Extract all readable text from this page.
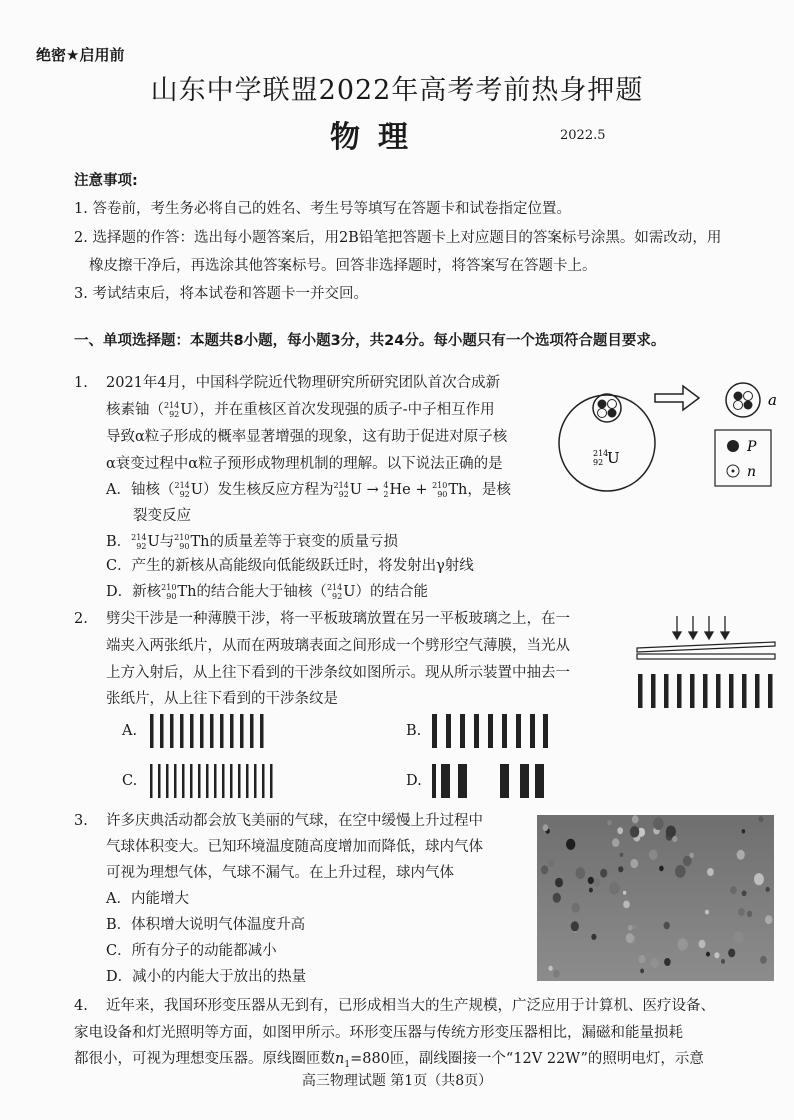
绝密★启用前
山东中学联盟2022年高考考前热身押题
物理	2022.5
注意事项:
1. 答卷前，考生务必将自己的姓名、考生号等填写在答题卡和试卷指定位置。
2. 选择题的作答：选出每小题答案后，用2B铅笔把答题卡上对应题目的答案标号涂黑。如需改动，用
橡皮擦干净后，再选涂其他答案标号。回答非选择题时，将答案写在答题卡上。
3. 考试结束后，将本试卷和答题卡一并交回。
一、单项选择题：本题共8小题，每小题3分，共24分。每小题只有一个选项符合题目要求。
1. 2021年4月，中国科学院近代物理研究所研究团队首次合成新
核素铀（ 214
92 U），并在重核区首次发现强的质子-中子相互作用
导致α粒子形成的概率显著增强的现象，这有助于促进对原子核
α衰变过程中α粒子预形成物理机制的理解。以下说法正确的是
A．铀核（ 214
92 U）发生核反应方程为 214
92 U → 4
2 He + 210
90 Th，是核
裂变反应
B． 214
92 U与 210
90 Th的质量差等于衰变的质量亏损
C．产生的新核从高能级向低能级跃迁时，将发射出γ射线
D．新核 210
90 Th的结合能大于铀核（ 214
92 U）的结合能
214
92 U
a
P
n
2. 劈尖干涉是一种薄膜干涉，将一平板玻璃放置在另一平板玻璃之上，在一
端夹入两张纸片，从而在两玻璃表面之间形成一个劈形空气薄膜，当光从
上方入射后，从上往下看到的干涉条纹如图所示。现从所示装置中抽去一
张纸片，从上往下看到的干涉条纹是
A.	B.
C.	D.
3. 许多庆典活动都会放飞美丽的气球，在空中缓慢上升过程中
气球体积变大。已知环境温度随高度增加而降低，球内气体
可视为理想气体，气球不漏气。在上升过程，球内气体
A．内能增大
B．体积增大说明气体温度升高
C．所有分子的动能都减小
D．减小的内能大于放出的热量
4. 近年来，我国环形变压器从无到有，已形成相当大的生产规模，广泛应用于计算机、医疗设备、
家电设备和灯光照明等方面，如图甲所示。环形变压器与传统方形变压器相比，漏磁和能量损耗
都很小，可视为理想变压器。原线圈匝数$n_1=880$匝，副线圈接一个“12V 22W”的照明电灯，示意
高三物理试题 第1页（共8页）
